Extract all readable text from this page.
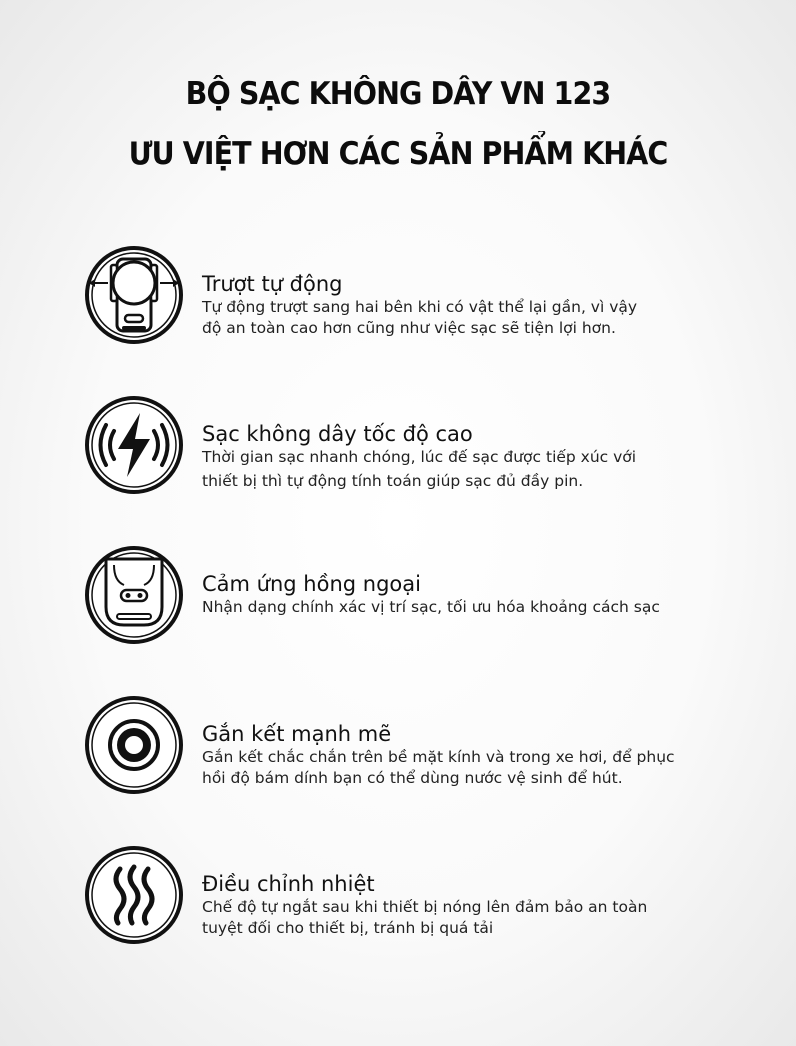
BỘ SẠC KHÔNG DÂY VN 123
ƯU VIỆT HƠN CÁC SẢN PHẨM KHÁC
Trượt tự động
Tự động trượt sang hai bên khi có vật thể lại gần, vì vậy
độ an toàn cao hơn cũng như việc sạc sẽ tiện lợi hơn.
Sạc không dây tốc độ cao
Thời gian sạc nhanh chóng, lúc đế sạc được tiếp xúc với
thiết bị thì tự động tính toán giúp sạc đủ đầy pin.
Cảm ứng hồng ngoại
Nhận dạng chính xác vị trí sạc, tối ưu hóa khoảng cách sạc
Gắn kết mạnh mẽ
Gắn kết chắc chắn trên bề mặt kính và trong xe hơi, để phục
hồi độ bám dính bạn có thể dùng nước vệ sinh để hút.
Điều chỉnh nhiệt
Chế độ tự ngắt sau khi thiết bị nóng lên đảm bảo an toàn
tuyệt đối cho thiết bị, tránh bị quá tải
